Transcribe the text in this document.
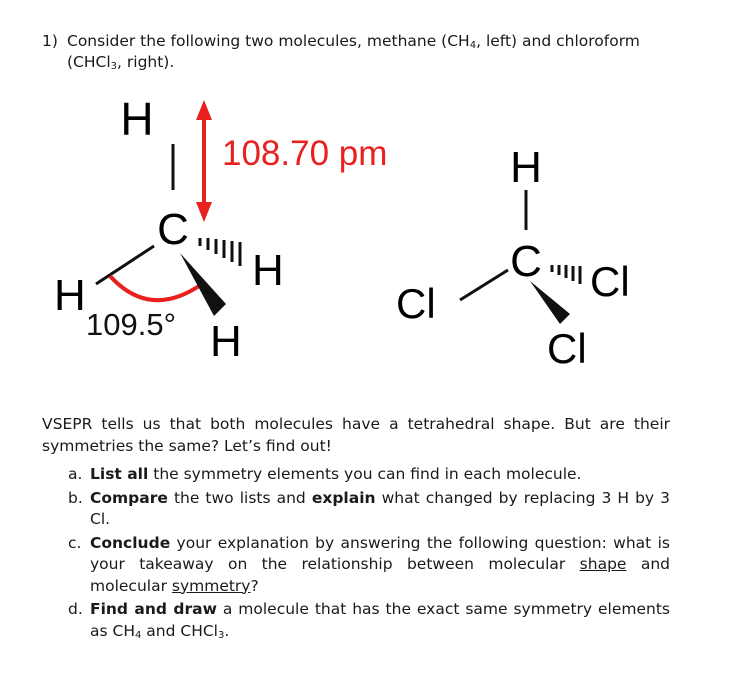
1) Consider the following two molecules, methane ($CH_4$, left) and chloroform
(CHCl$_3$, right).
H
C
108.70 pm
H
H
109.5° H
H
C
Cl	Cl
Cl
VSEPR tells us that both molecules have a tetrahedral shape. But are their symmetries the same? Let’s find out!
a. List all the symmetry elements you can find in each molecule.
b. Compare the two lists and explain what changed by replacing 3 H by 3 Cl.
c. Conclude your explanation by answering the following question: what is your takeaway on the relationship between molecular shape and molecular symmetry?
d. Find and draw a molecule that has the exact same symmetry elements as $CH_4$ and CHCl$_3$.
